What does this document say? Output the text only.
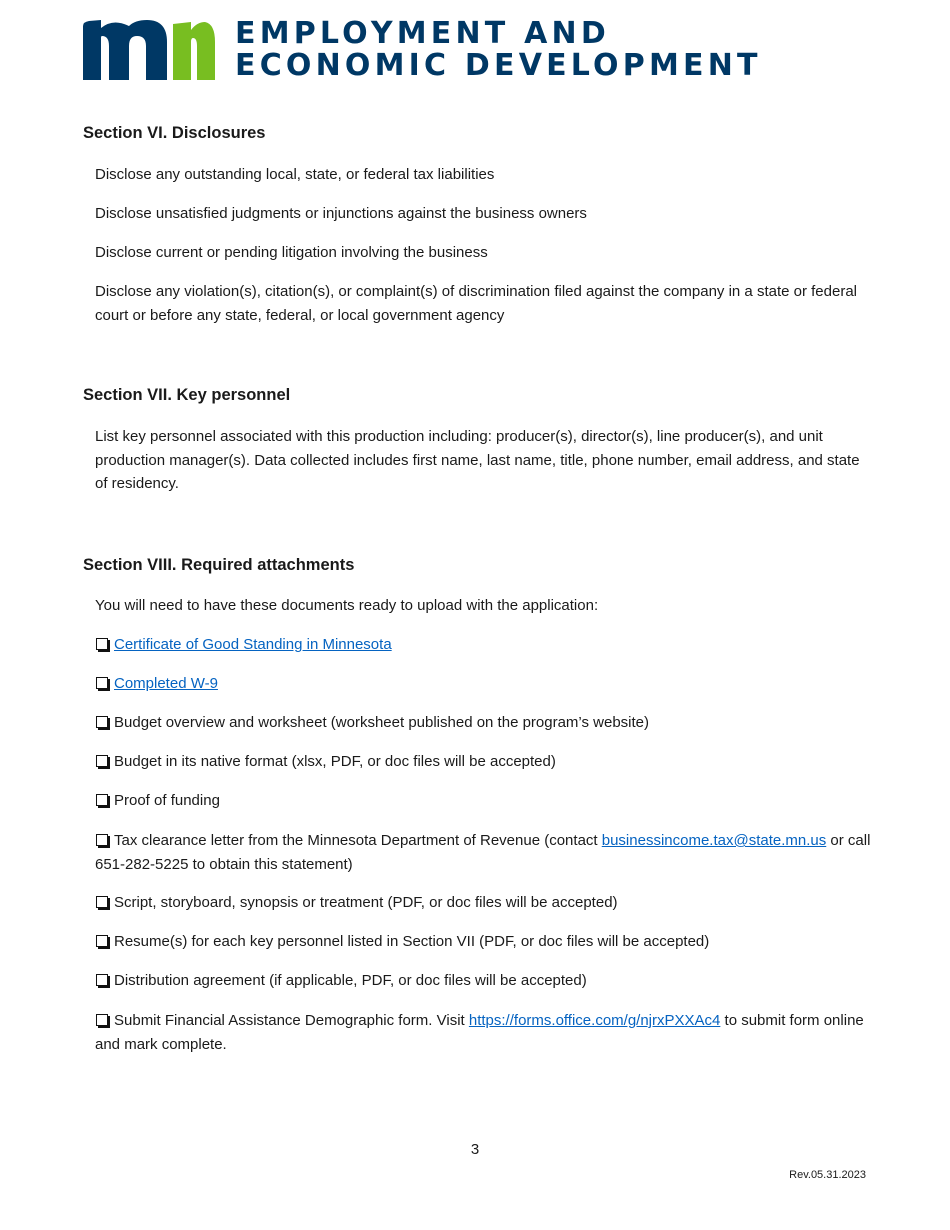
EMPLOYMENT AND
ECONOMIC DEVELOPMENT
Section VI. Disclosures

Disclose any outstanding local, state, or federal tax liabilities

Disclose unsatisfied judgments or injunctions against the business owners

Disclose current or pending litigation involving the business

Disclose any violation(s), citation(s), or complaint(s) of discrimination filed against the company in a state or federal court or before any state, federal, or local government agency

Section VII. Key personnel

List key personnel associated with this production including: producer(s), director(s), line producer(s), and unit production manager(s). Data collected includes first name, last name, title, phone number, email address, and state of residency.

Section VIII. Required attachments

You will need to have these documents ready to upload with the application:

Certificate of Good Standing in Minnesota

Completed W-9

Budget overview and worksheet (worksheet published on the program’s website)

Budget in its native format (xlsx, PDF, or doc files will be accepted)

Proof of funding

Tax clearance letter from the Minnesota Department of Revenue (contact businessincome.tax@state.mn.us or call 651-282-5225 to obtain this statement)

Script, storyboard, synopsis or treatment (PDF, or doc files will be accepted)

Resume(s) for each key personnel listed in Section VII (PDF, or doc files will be accepted)

Distribution agreement (if applicable, PDF, or doc files will be accepted)

Submit Financial Assistance Demographic form. Visit https://forms.office.com/g/njrxPXXAc4 to submit form online and mark complete.

3
Rev.05.31.2023
